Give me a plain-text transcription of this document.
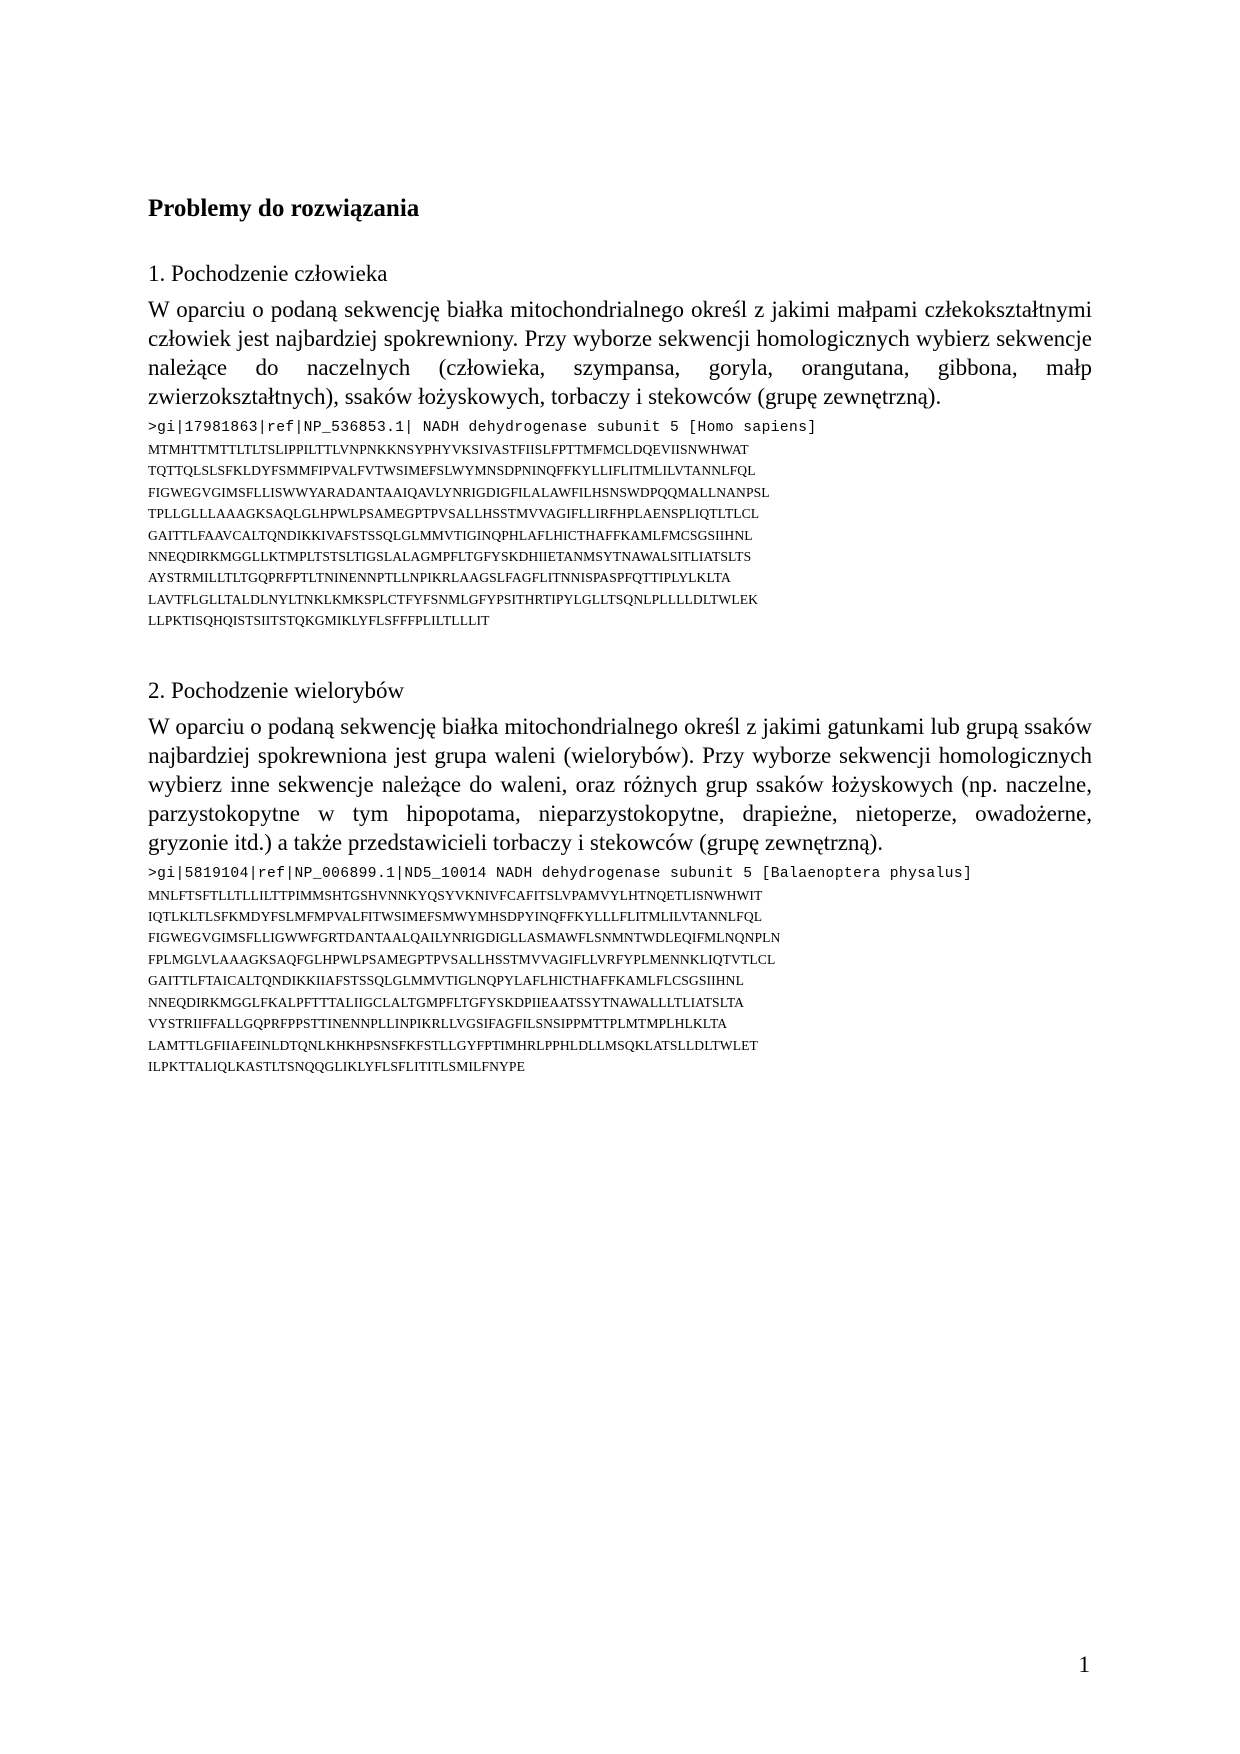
Problemy do rozwiązania
1. Pochodzenie człowieka

W oparciu o podaną sekwencję białka mitochondrialnego określ z jakimi małpami człekokształtnymi człowiek jest najbardziej spokrewniony. Przy wyborze sekwencji homologicznych wybierz sekwencje należące do naczelnych (człowieka, szympansa, goryla, orangutana, gibbona, małp zwierzokształtnych), ssaków łożyskowych, torbaczy i stekowców (grupę zewnętrzną).

>gi|17981863|ref|NP_536853.1| NADH dehydrogenase subunit 5 [Homo sapiens]

MTMHTTMTTLTLTSLIPPILTTLVNPNKKNSYPHYVKSIVASTFIISLFPTTMFMCLDQEVIISNWHWAT
TQTTQLSLSFKLDYFSMMFIPVALFVTWSIMEFSLWYMNSDPNINQFFKYLLIFLITMLILVTANNLFQL
FIGWEGVGIMSFLLISWWYARADANTAAIQAVLYNRIGDIGFILALAWFILHSNSWDPQQMALLNANPSL
TPLLGLLLAAAGKSAQLGLHPWLPSAMEGPTPVSALLHSSTMVVAGIFLLIRFHPLAENSPLIQTLTLCL
GAITTLFAAVCALTQNDIKKIVAFSTSSQLGLMMVTIGINQPHLAFLHICTHAFFKAMLFMCSGSIIHNL
NNEQDIRKMGGLLKTMPLTSTSLTIGSLALAGMPFLTGFYSKDHIIETANMSYTNAWALSITLIATSLTS
AYSTRMILLTLTGQPRFPTLTNINENNPTLLNPIKRLAAGSLFAGFLITNNISPASPFQTTIPLYLKLTA
LAVTFLGLLTALDLNYLTNKLKMKSPLCTFYFSNMLGFYPSITHRTIPYLGLLTSQNLPLLLLDLTWLEK
LLPKTISQHQISTSIITSTQKGMIKLYFLSFFFPLILTLLLIT
2. Pochodzenie wielorybów

W oparciu o podaną sekwencję białka mitochondrialnego określ z jakimi gatunkami lub grupą ssaków najbardziej spokrewniona jest grupa waleni (wielorybów). Przy wyborze sekwencji homologicznych wybierz inne sekwencje należące do waleni, oraz różnych grup ssaków łożyskowych (np. naczelne, parzystokopytne w tym hipopotama, nieparzystokopytne, drapieżne, nietoperze, owadożerne, gryzonie itd.) a także przedstawicieli torbaczy i stekowców (grupę zewnętrzną).

>gi|5819104|ref|NP_006899.1|ND5_10014 NADH dehydrogenase subunit 5 [Balaenoptera physalus]

MNLFTSFTLLTLLILTTPIMMSHTGSHVNNKYQSYVKNIVFCAFITSLVPAMVYLHTNQETLISNWHWIT
IQTLKLTLSFKMDYFSLMFMPVALFITWSIMEFSMWYMHSDPYINQFFKYLLLFLITMLILVTANNLFQL
FIGWEGVGIMSFLLIGWWFGRTDANTAALQAILYNRIGDIGLLASMAWFLSNMNTWDLEQIFMLNQNPLN
FPLMGLVLAAAGKSAQFGLHPWLPSAMEGPTPVSALLHSSTMVVAGIFLLVRFYPLMENNKLIQTVTLCL
GAITTLFTAICALTQNDIKKIIAFSTSSQLGLMMVTIGLNQPYLAFLHICTHAFFKAMLFLCSGSIIHNL
NNEQDIRKMGGLFKALPFTTTALIIGCLALTGMPFLTGFYSKDPIIEAATSSYTNAWALLLTLIATSLTA
VYSTRIIFFALLGQPRFPPSTTINENNPLLINPIKRLLVGSIFAGFILSNSIPPMTTPLMTMPLHLKLTA
LAMTTLGFIIAFEINLDTQNLKHKHPSNSFKFSTLLGYFPTIMHRLPPHLDLLMSQKLATSLLDLTWLET
ILPKTTALIQLKASTLTSNQQGLIKLYFLSFLITITLSMILFNYPE
1
